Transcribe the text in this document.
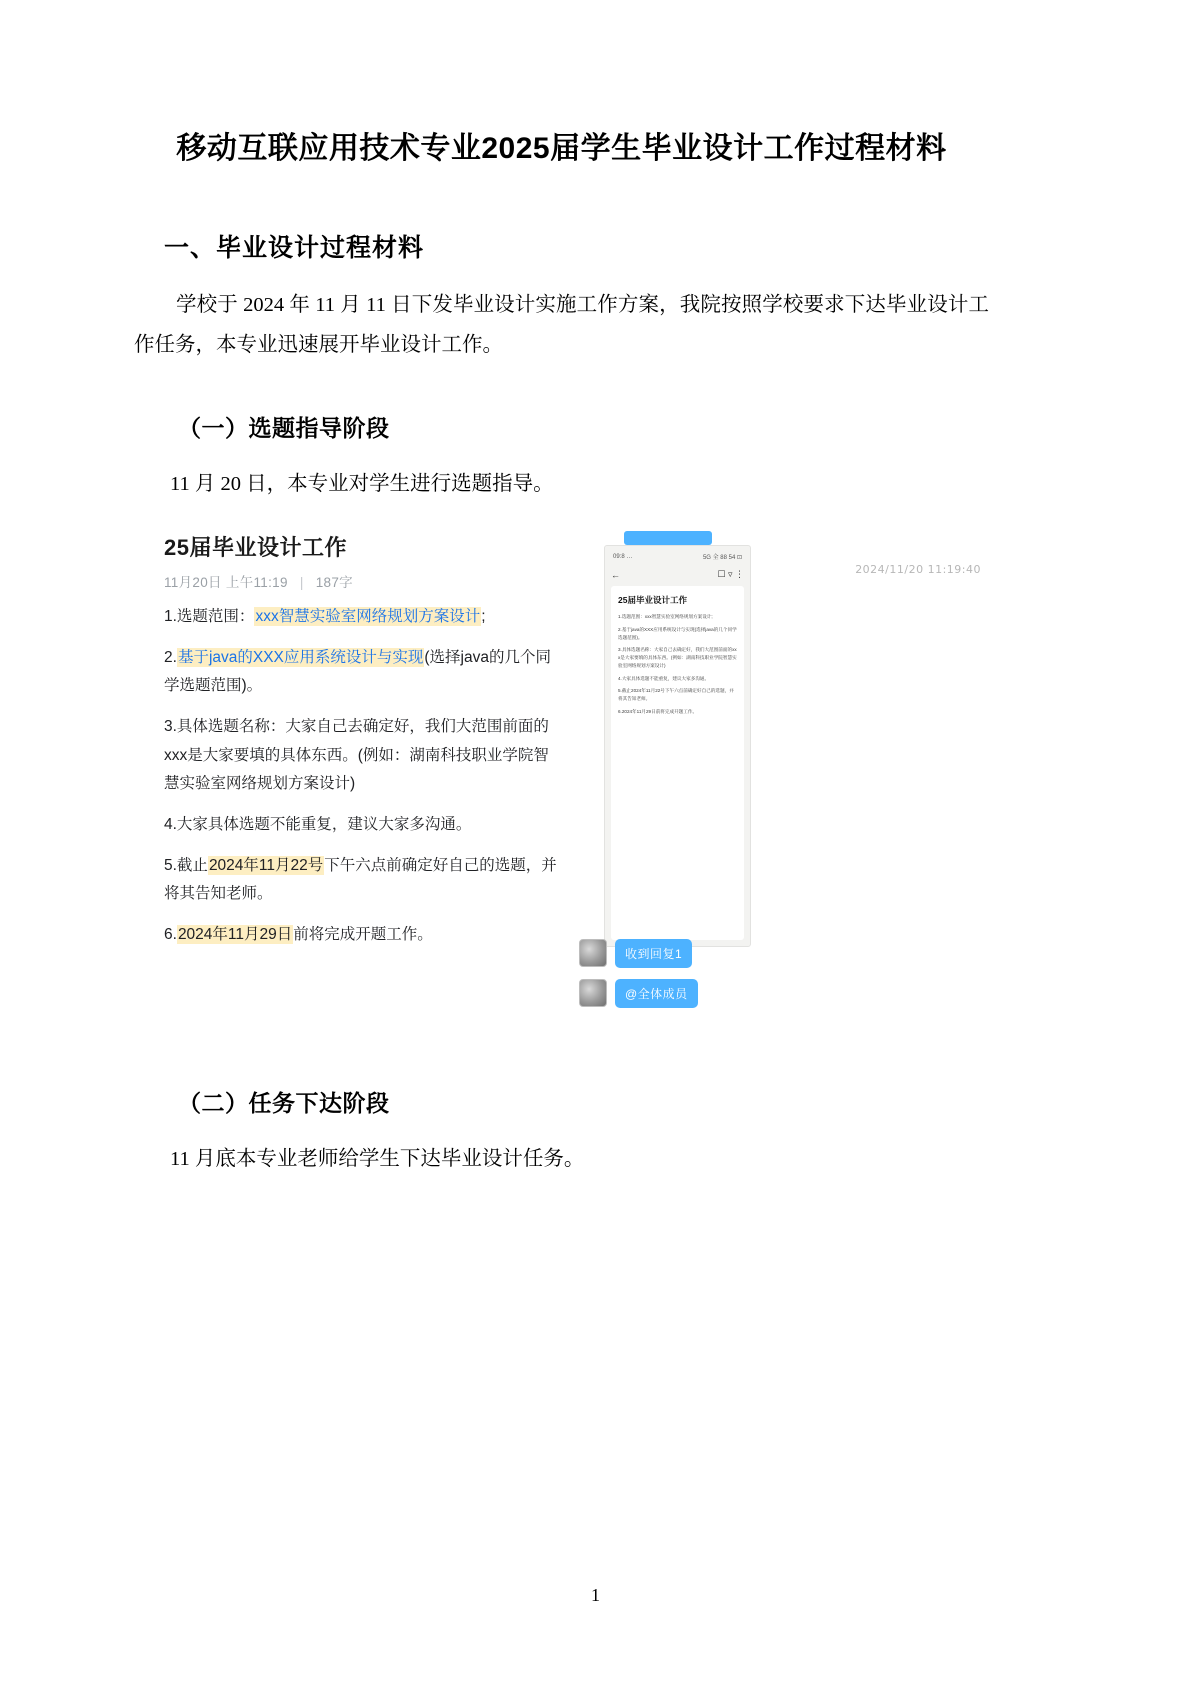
移动互联应用技术专业2025届学生毕业设计工作过程材料
一、毕业设计过程材料

学校于 2024 年 11 月 11 日下发毕业设计实施工作方案，我院按照学校要求下达毕业设计工作任务，本专业迅速展开毕业设计工作。

（一）选题指导阶段

11 月 20 日，本专业对学生进行选题指导。

25届毕业设计工作
11月20日 上午11:19 | 187字
2024/11/20 11:19:40
1.选题范围：xxx智慧实验室网络规划方案设计;
2.基于java的XXX应用系统设计与实现(选择java的几个同学选题范围)。
3.具体选题名称：大家自己去确定好，我们大范围前面的xxx是大家要填的具体东西。(例如：湖南科技职业学院智慧实验室网络规划方案设计)
4.大家具体选题不能重复，建议大家多沟通。
5.截止2024年11月22号下午六点前确定好自己的选题，并将其告知老师。
6.2024年11月29日前将完成开题工作。
09:8 …	5G 全 88 54 ⊡
←	☐ ▿ ⋮
25届毕业设计工作
1.选题范围：xxx智慧实验室网络规划方案设计;
2.基于java的XXX应用系统设计与实现(选择java的几个同学选题范围)。
3.具体选题名称：大家自己去确定好，我们大范围前面的xxx是大家要填的具体东西。(例如：湖南科技职业学院智慧实验室网络规划方案设计)
4.大家具体选题不能重复，建议大家多沟通。
5.截止2024年11月22号下午六点前确定好自己的选题，并将其告知老师。
6.2024年11月29日前将完成开题工作。
收到回复1
@全体成员
（二）任务下达阶段

11 月底本专业老师给学生下达毕业设计任务。

1
